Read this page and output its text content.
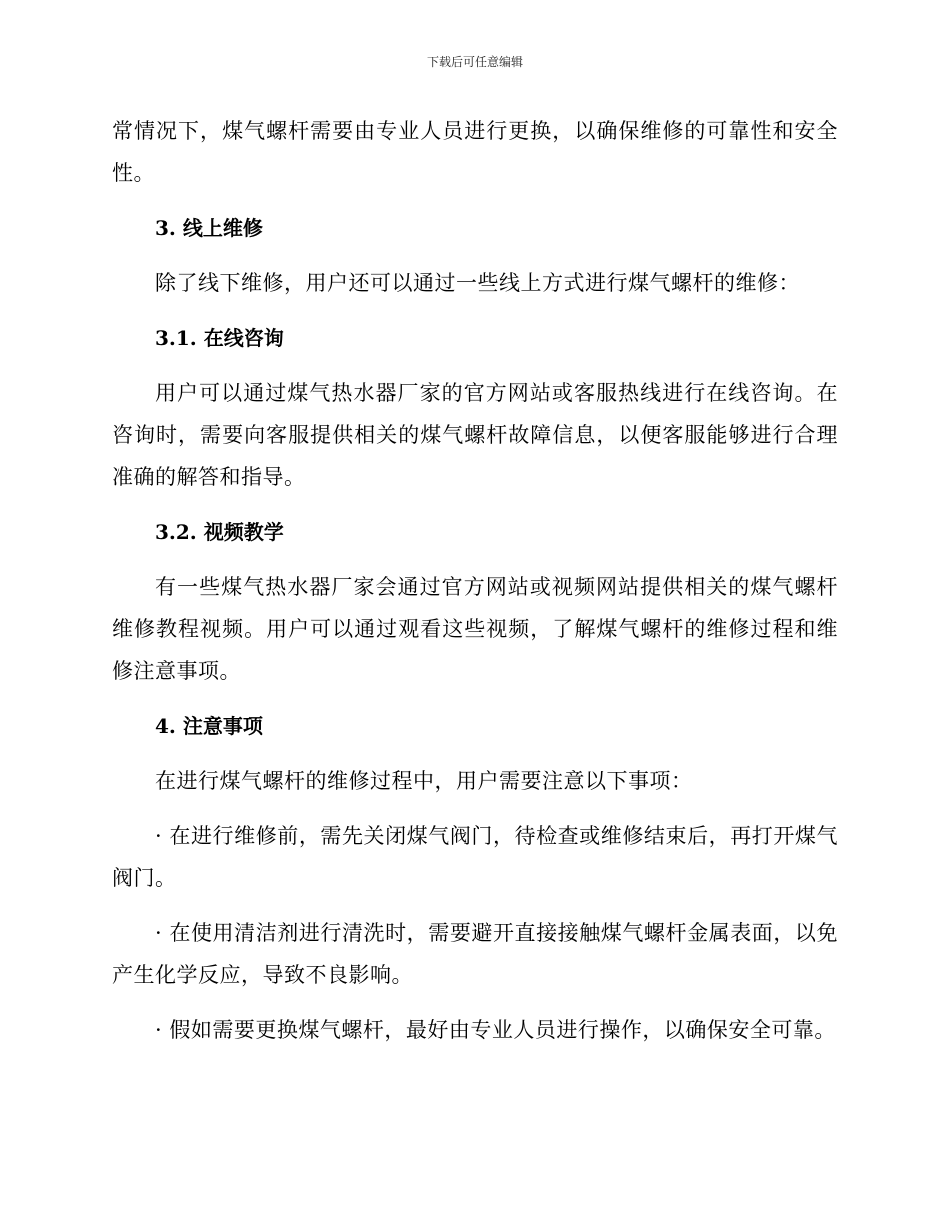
下载后可任意编辑

常情况下，煤气螺杆需要由专业人员进行更换，以确保维修的可靠性和安全性。

3. 线上维修

除了线下维修，用户还可以通过一些线上方式进行煤气螺杆的维修：

3.1. 在线咨询

用户可以通过煤气热水器厂家的官方网站或客服热线进行在线咨询。在咨询时，需要向客服提供相关的煤气螺杆故障信息，以便客服能够进行合理准确的解答和指导。

3.2. 视频教学

有一些煤气热水器厂家会通过官方网站或视频网站提供相关的煤气螺杆维修教程视频。用户可以通过观看这些视频，了解煤气螺杆的维修过程和维修注意事项。

4. 注意事项

在进行煤气螺杆的维修过程中，用户需要注意以下事项：

· 在进行维修前，需先关闭煤气阀门，待检查或维修结束后，再打开煤气阀门。

· 在使用清洁剂进行清洗时，需要避开直接接触煤气螺杆金属表面，以免产生化学反应，导致不良影响。

· 假如需要更换煤气螺杆，最好由专业人员进行操作，以确保安全可靠。
